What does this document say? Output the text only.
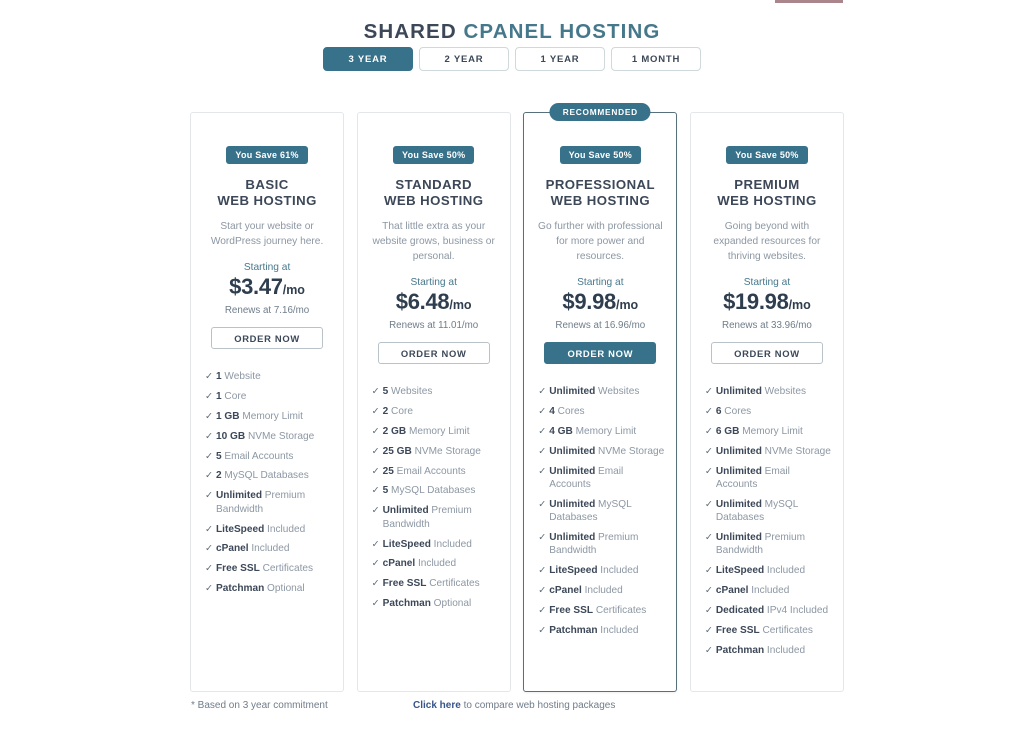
SHARED CPANEL HOSTING
3 YEAR	2 YEAR	1 YEAR	1 MONTH
You Save 61%
BASIC
WEB HOSTING
Start your website or WordPress journey here.
Starting at
$3.47/mo
Renews at 7.16/mo
ORDER NOW
✓ 1 Website
✓ 1 Core
✓ 1 GB Memory Limit
✓ 10 GB NVMe Storage
✓ 5 Email Accounts
✓ 2 MySQL Databases
✓ Unlimited Premium Bandwidth
✓ LiteSpeed Included
✓ cPanel Included
✓ Free SSL Certificates
✓ Patchman Optional
You Save 50%
STANDARD
WEB HOSTING
That little extra as your website grows, business or personal.
Starting at
$6.48/mo
Renews at 11.01/mo
ORDER NOW
✓ 5 Websites
✓ 2 Core
✓ 2 GB Memory Limit
✓ 25 GB NVMe Storage
✓ 25 Email Accounts
✓ 5 MySQL Databases
✓ Unlimited Premium Bandwidth
✓ LiteSpeed Included
✓ cPanel Included
✓ Free SSL Certificates
✓ Patchman Optional
RECOMMENDED
You Save 50%
PROFESSIONAL
WEB HOSTING
Go further with professional for more power and resources.
Starting at
$9.98/mo
Renews at 16.96/mo
ORDER NOW
✓ Unlimited Websites
✓ 4 Cores
✓ 4 GB Memory Limit
✓ Unlimited NVMe Storage
✓ Unlimited Email Accounts
✓ Unlimited MySQL Databases
✓ Unlimited Premium Bandwidth
✓ LiteSpeed Included
✓ cPanel Included
✓ Free SSL Certificates
✓ Patchman Included
You Save 50%
PREMIUM
WEB HOSTING
Going beyond with expanded resources for thriving websites.
Starting at
$19.98/mo
Renews at 33.96/mo
ORDER NOW
✓ Unlimited Websites
✓ 6 Cores
✓ 6 GB Memory Limit
✓ Unlimited NVMe Storage
✓ Unlimited Email Accounts
✓ Unlimited MySQL Databases
✓ Unlimited Premium Bandwidth
✓ LiteSpeed Included
✓ cPanel Included
✓ Dedicated IPv4 Included
✓ Free SSL Certificates
✓ Patchman Included
* Based on 3 year commitment	Click here to compare web hosting packages
